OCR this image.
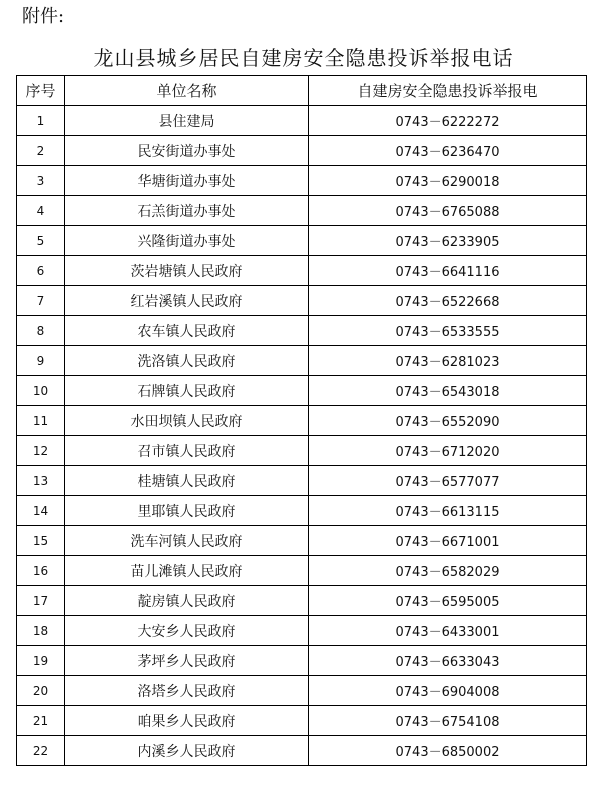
附件:
龙山县城乡居民自建房安全隐患投诉举报电话
序号	单位名称	自建房安全隐患投诉举报电
1	县住建局	0743－6222272
2	民安街道办事处	0743－6236470
3	华塘街道办事处	0743－6290018
4	石羔街道办事处	0743－6765088
5	兴隆街道办事处	0743－6233905
6	茨岩塘镇人民政府	0743－6641116
7	红岩溪镇人民政府	0743－6522668
8	农车镇人民政府	0743－6533555
9	洗洛镇人民政府	0743－6281023
10	石牌镇人民政府	0743－6543018
11	水田坝镇人民政府	0743－6552090
12	召市镇人民政府	0743－6712020
13	桂塘镇人民政府	0743－6577077
14	里耶镇人民政府	0743－6613115
15	洗车河镇人民政府	0743－6671001
16	苗儿滩镇人民政府	0743－6582029
17	靛房镇人民政府	0743－6595005
18	大安乡人民政府	0743－6433001
19	茅坪乡人民政府	0743－6633043
20	洛塔乡人民政府	0743－6904008
21	咱果乡人民政府	0743－6754108
22	内溪乡人民政府	0743－6850002
